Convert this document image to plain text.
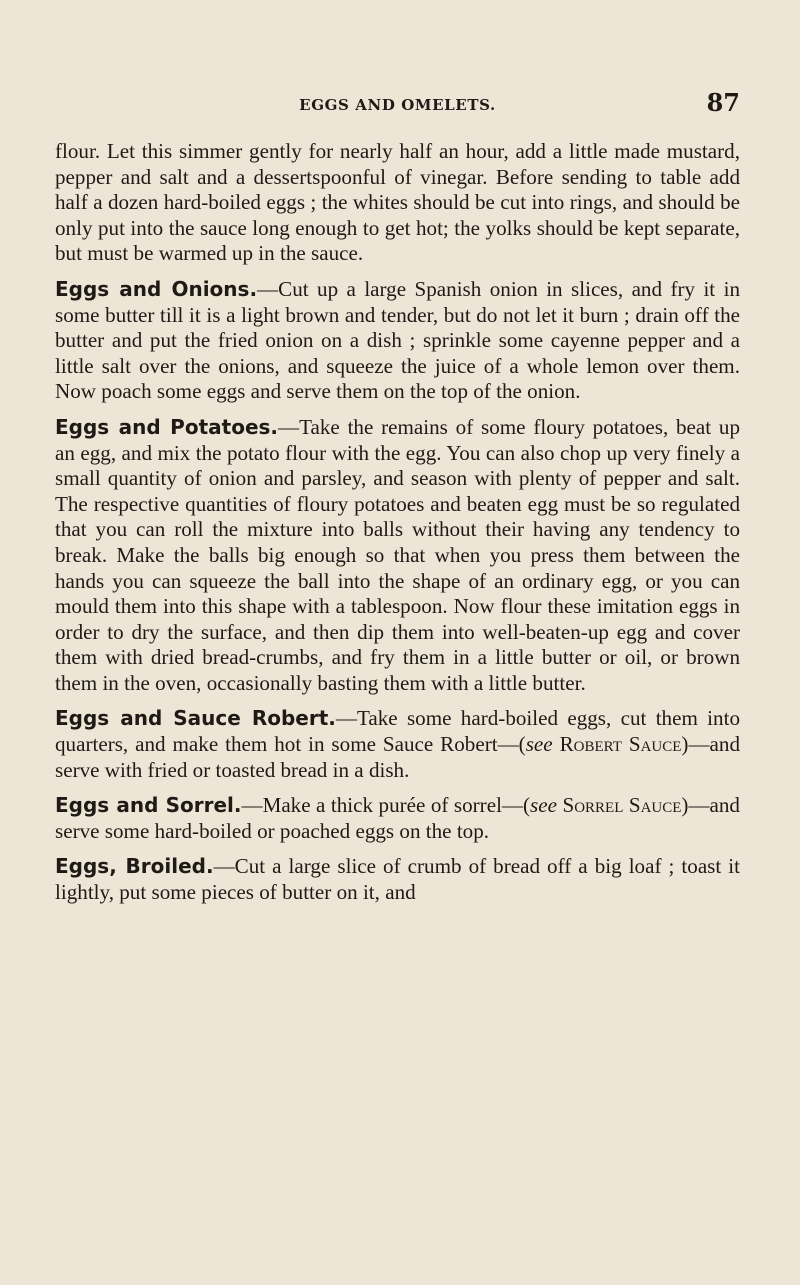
EGGS AND OMELETS.	87

flour. Let this simmer gently for nearly half an hour, add a little made mustard, pepper and salt and a dessertspoonful of vinegar. Before sending to table add half a dozen hard-boiled eggs ; the whites should be cut into rings, and should be only put into the sauce long enough to get hot; the yolks should be kept separate, but must be warmed up in the sauce.

Eggs and Onions.—Cut up a large Spanish onion in slices, and fry it in some butter till it is a light brown and tender, but do not let it burn ; drain off the butter and put the fried onion on a dish ; sprinkle some cayenne pepper and a little salt over the onions, and squeeze the juice of a whole lemon over them. Now poach some eggs and serve them on the top of the onion.

Eggs and Potatoes.—Take the remains of some floury potatoes, beat up an egg, and mix the potato flour with the egg. You can also chop up very finely a small quantity of onion and parsley, and season with plenty of pepper and salt. The respective quantities of floury potatoes and beaten egg must be so regulated that you can roll the mixture into balls without their having any tendency to break. Make the balls big enough so that when you press them between the hands you can squeeze the ball into the shape of an ordinary egg, or you can mould them into this shape with a tablespoon. Now flour these imitation eggs in order to dry the surface, and then dip them into well-beaten-up egg and cover them with dried bread-crumbs, and fry them in a little butter or oil, or brown them in the oven, occasionally basting them with a little butter.

Eggs and Sauce Robert.—Take some hard-boiled eggs, cut them into quarters, and make them hot in some Sauce Robert—(see Robert Sauce)—and serve with fried or toasted bread in a dish.

Eggs and Sorrel.—Make a thick purée of sorrel—(see Sorrel Sauce)—and serve some hard-boiled or poached eggs on the top.

Eggs, Broiled.—Cut a large slice of crumb of bread off a big loaf ; toast it lightly, put some pieces of butter on it, and
